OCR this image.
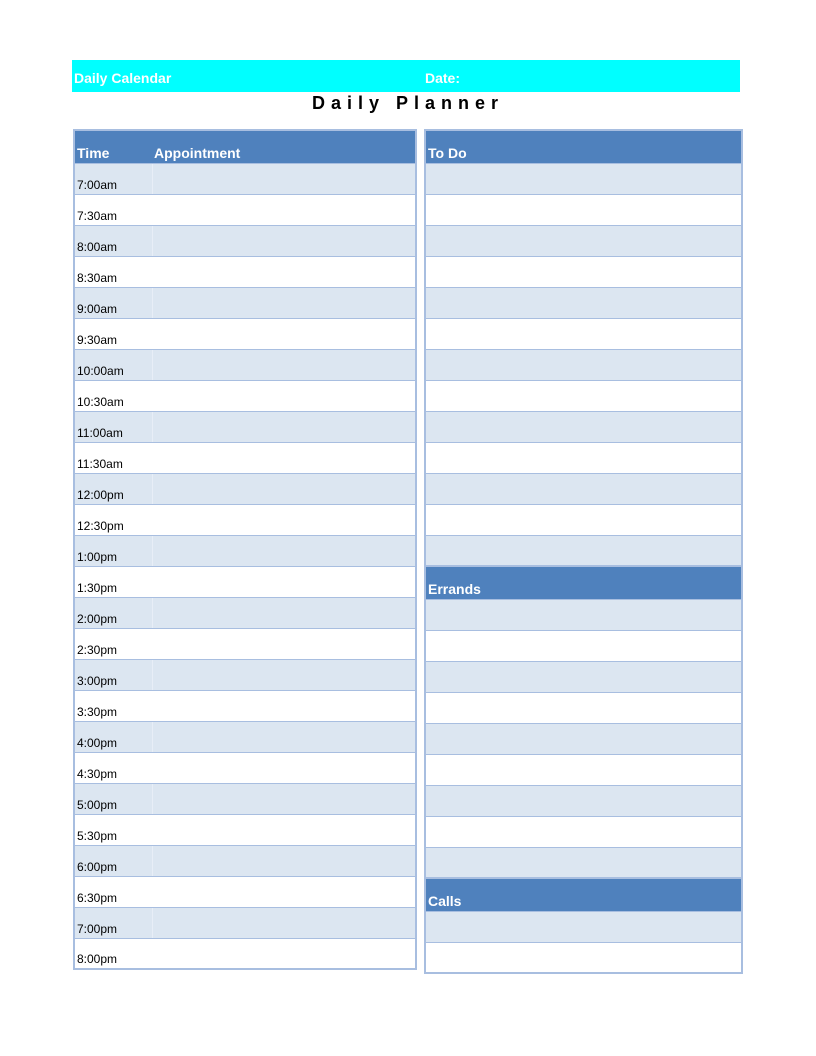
Daily Calendar	Date:
Daily Planner
Time	Appointment
7:00am	
7:30am	
8:00am	
8:30am	
9:00am	
9:30am	
10:00am	
10:30am	
11:00am	
11:30am	
12:00pm	
12:30pm	
1:00pm	
1:30pm	
2:00pm	
2:30pm	
3:00pm	
3:30pm	
4:00pm	
4:30pm	
5:00pm	
5:30pm	
6:00pm	
6:30pm	
7:00pm	
8:00pm	
To Do

Errands

Calls
